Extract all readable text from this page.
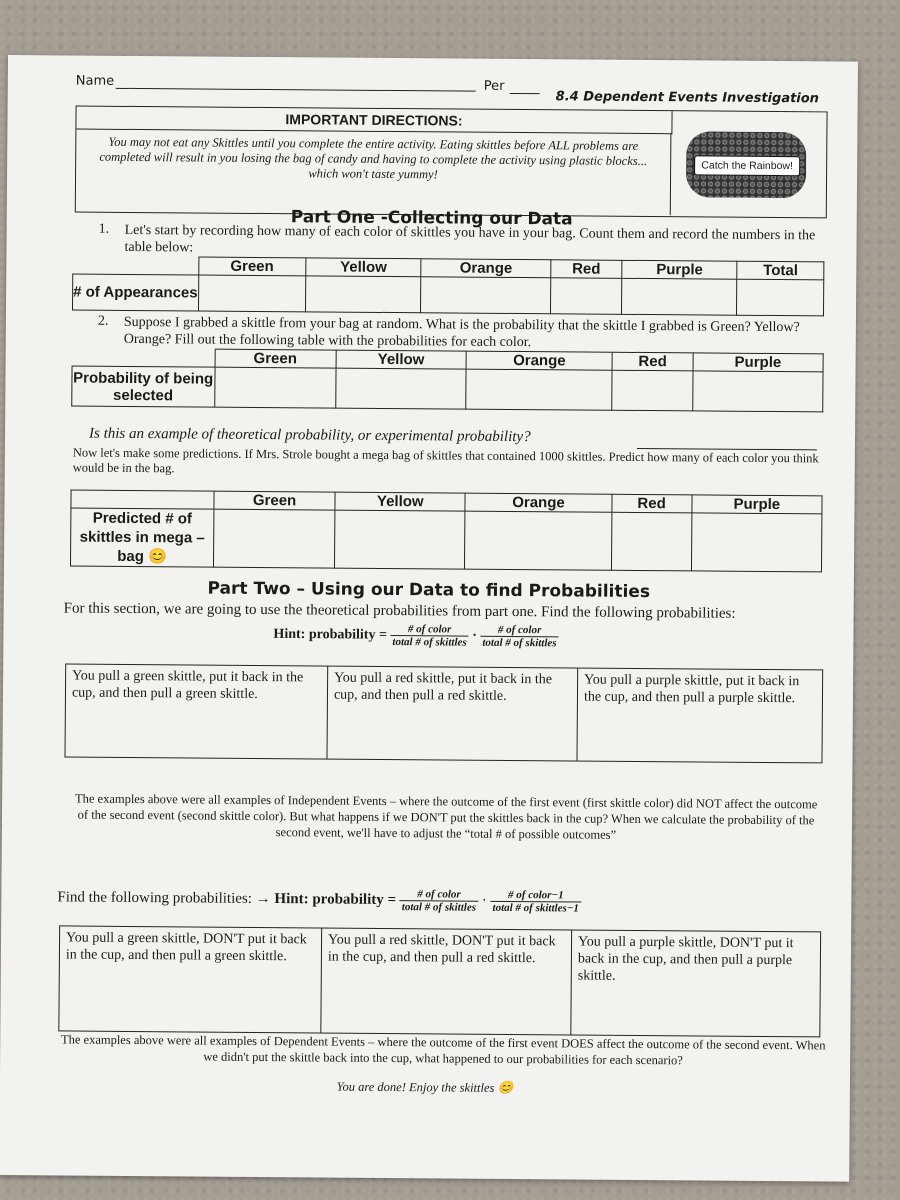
Name	Per
8.4 Dependent Events Investigation
IMPORTANT DIRECTIONS:
You may not eat any Skittles until you complete the entire activity. Eating skittles before ALL problems are completed will result in you losing the bag of candy and having to complete the activity using plastic blocks... which won't taste yummy!
Catch the Rainbow!
Part One -Collecting our Data
1. Let's start by recording how many of each color of skittles you have in your bag. Count them and record the numbers in the table below:
	Green	Yellow	Orange	Red	Purple	Total
# of Appearances						
2. Suppose I grabbed a skittle from your bag at random. What is the probability that the skittle I grabbed is Green? Yellow? Orange? Fill out the following table with the probabilities for each color.
	Green	Yellow	Orange	Red	Purple
Probability of being selected					
Is this an example of theoretical probability, or experimental probability?
Now let's make some predictions. If Mrs. Strole bought a mega bag of skittles that contained 1000 skittles. Predict how many of each color you think would be in the bag.
	Green	Yellow	Orange	Red	Purple
Predicted # of skittles in mega – bag 😊					
Part Two – Using our Data to find Probabilities
For this section, we are going to use the theoretical probabilities from part one. Find the following probabilities:
Hint: probability = $\frac{\text{\# of color}}{\text{total \# of skittles}} \cdot \frac{\text{\# of color}}{\text{total \# of skittles}}$
You pull a green skittle, put it back in the cup, and then pull a green skittle.
You pull a red skittle, put it back in the cup, and then pull a red skittle.
You pull a purple skittle, put it back in the cup, and then pull a purple skittle.
The examples above were all examples of Independent Events – where the outcome of the first event (first skittle color) did NOT affect the outcome of the second event (second skittle color). But what happens if we DON'T put the skittles back in the cup? When we calculate the probability of the second event, we'll have to adjust the “total # of possible outcomes”
Find the following probabilities: → Hint: probability = $\frac{\text{\# of color}}{\text{total \# of skittles}} \cdot \frac{\text{\# of color−1}}{\text{total \# of skittles−1}}$
You pull a green skittle, DON'T put it back in the cup, and then pull a green skittle.
You pull a red skittle, DON'T put it back in the cup, and then pull a red skittle.
You pull a purple skittle, DON'T put it back in the cup, and then pull a purple skittle.
The examples above were all examples of Dependent Events – where the outcome of the first event DOES affect the outcome of the second event. When we didn't put the skittle back into the cup, what happened to our probabilities for each scenario?
You are done! Enjoy the skittles 😊
